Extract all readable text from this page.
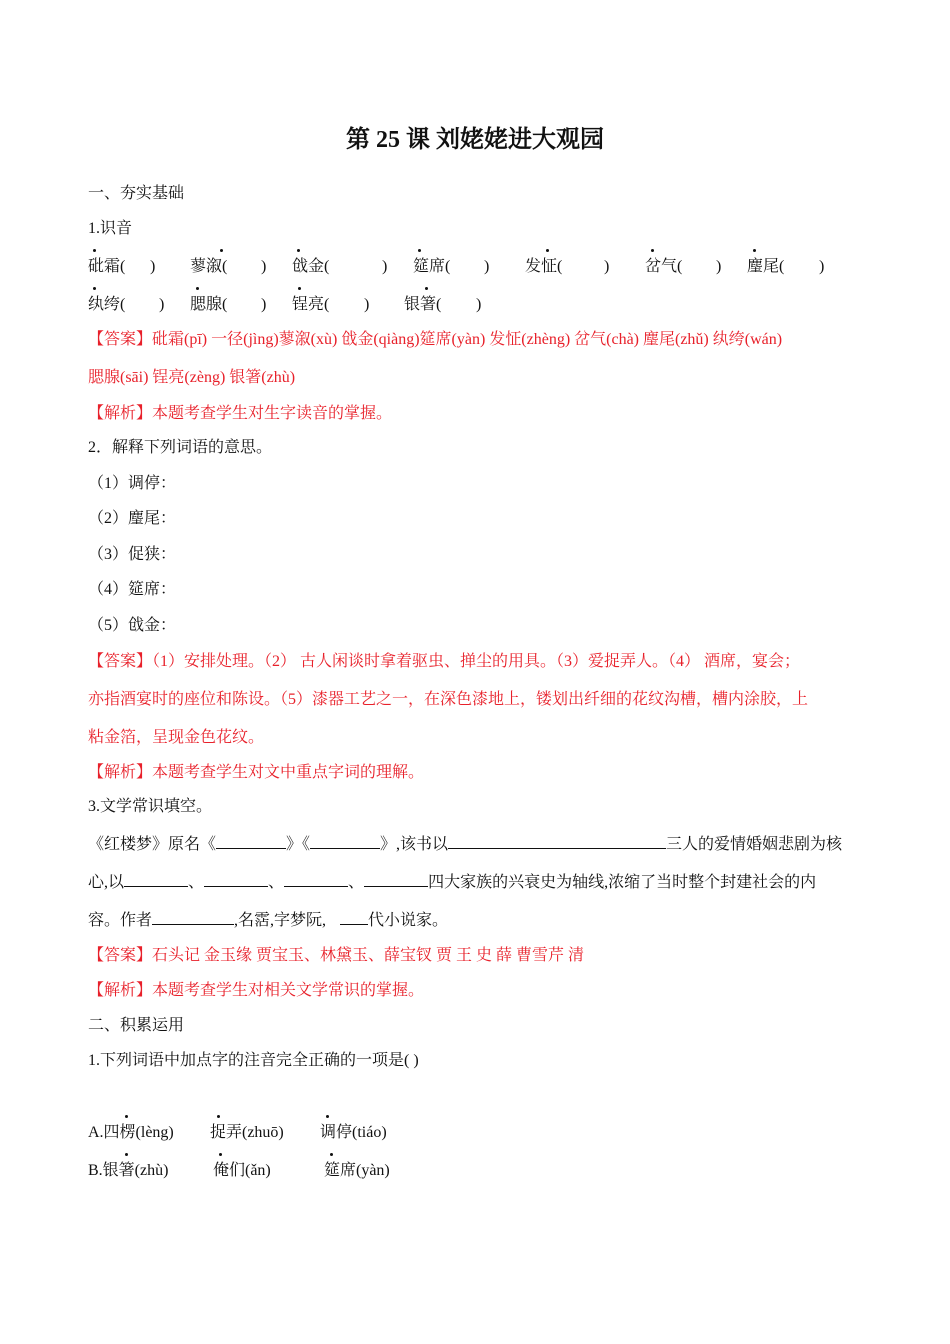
第 25 课 刘姥姥进大观园
一、夯实基础
1.识音
砒霜( ) 蓼溆( ) 戗金(	) 筵席( ) 发怔(	) 岔气( ) 麈尾( )
纨绔( ) 腮腺( ) 锃亮( ) 银箸( )
【答案】砒霜(pī) 一径(jìng)蓼溆(xù) 戗金(qiàng)筵席(yàn) 发怔(zhèng) 岔气(chà) 麈尾(zhǔ) 纨绔(wán)
腮腺(sāi) 锃亮(zèng) 银箸(zhù)
【解析】本题考查学生对生字读音的掌握。
2．解释下列词语的意思。
（1）调停：
（2）麈尾：
（3）促狭：
（4）筵席：
（5）戗金：
【答案】（1）安排处理。（2） 古人闲谈时拿着驱虫、掸尘的用具。（3）爱捉弄人。（4） 酒席，宴会；
亦指酒宴时的座位和陈设。（5）漆器工艺之一，在深色漆地上，镂划出纤细的花纹沟槽，槽内涂胶，上
粘金箔，呈现金色花纹。
【解析】本题考查学生对文中重点字词的理解。
3.文学常识填空。
《红楼梦》原名《	》《	》,该书以	三人的爱情婚姻悲剧为核
心,以	、	、	、	四大家族的兴衰史为轴线,浓缩了当时整个封建社会的内
容。作者	,名霑,字梦阮,	代小说家。
【答案】石头记 金玉缘 贾宝玉、林黛玉、薛宝钗 贾 王 史 薛 曹雪芹 清
【解析】本题考查学生对相关文学常识的掌握。
二、积累运用
1.下列词语中加点字的注音完全正确的一项是( )
A.四楞(lèng) 捉弄(zhuō) 调停(tiáo)
B.银箸(zhù)	俺们(ǎn)	筵席(yàn)
